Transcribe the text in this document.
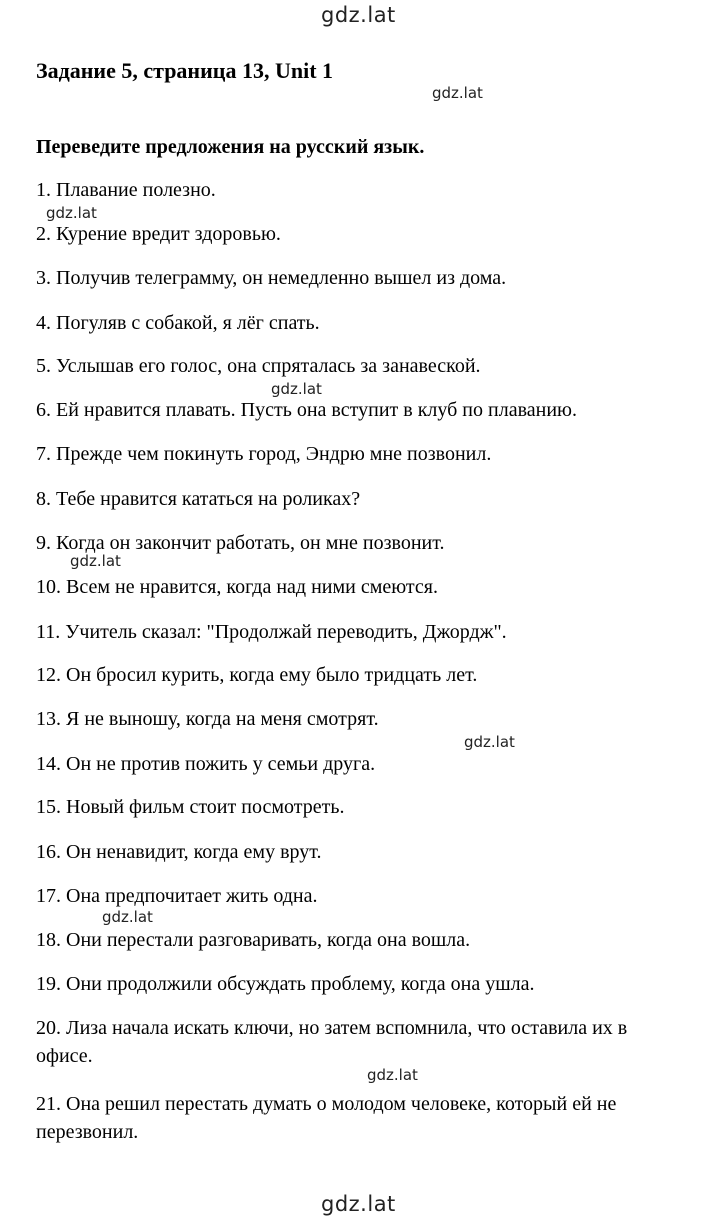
gdz.lat
gdz.lat
gdz.lat
gdz.lat
gdz.lat
gdz.lat
gdz.lat
gdz.lat
gdz.lat
Задание 5, страница 13, Unit 1
Переведите предложения на русский язык.

1. Плавание полезно.

2. Курение вредит здоровью.

3. Получив телеграмму, он немедленно вышел из дома.

4. Погуляв с собакой, я лёг спать.

5. Услышав его голос, она спряталась за занавеской.

6. Ей нравится плавать. Пусть она вступит в клуб по плаванию.

7. Прежде чем покинуть город, Эндрю мне позвонил.

8. Тебе нравится кататься на роликах?

9. Когда он закончит работать, он мне позвонит.

10. Всем не нравится, когда над ними смеются.

11. Учитель сказал: "Продолжай переводить, Джордж".

12. Он бросил курить, когда ему было тридцать лет.

13. Я не выношу, когда на меня смотрят.

14. Он не против пожить у семьи друга.

15. Новый фильм стоит посмотреть.

16. Он ненавидит, когда ему врут.

17. Она предпочитает жить одна.

18. Они перестали разговаривать, когда она вошла.

19. Они продолжили обсуждать проблему, когда она ушла.

20. Лиза начала искать ключи, но затем вспомнила, что оставила их в офисе.

21. Она решил перестать думать о молодом человеке, который ей не перезвонил.
